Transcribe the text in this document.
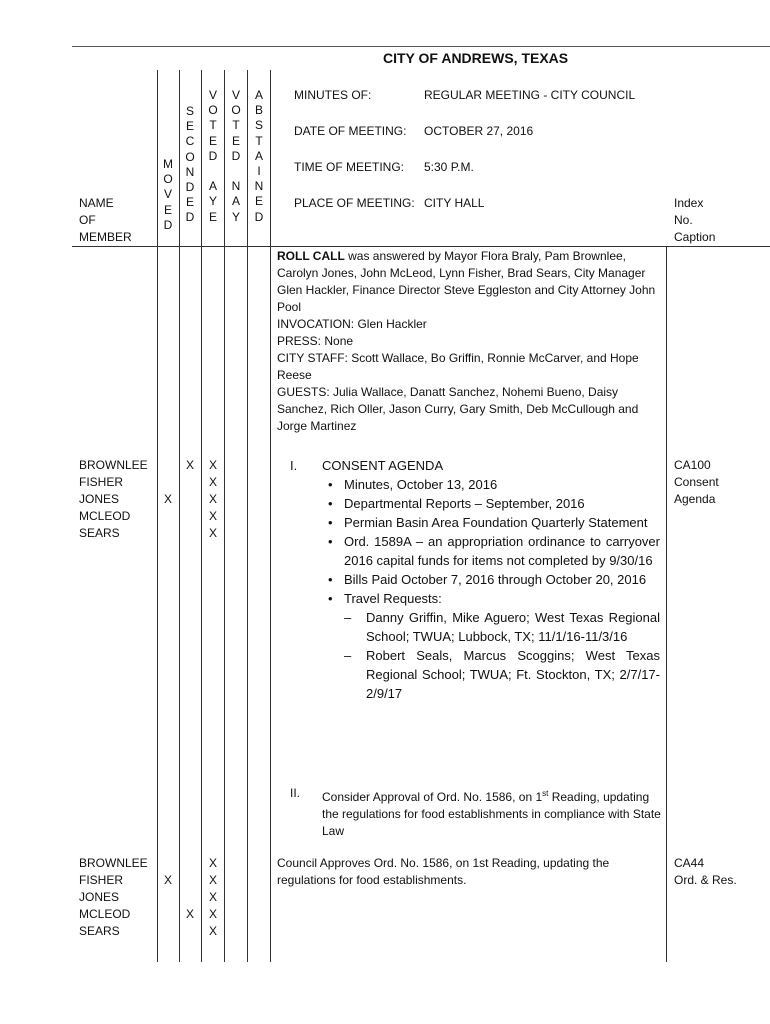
CITY OF ANDREWS, TEXAS
NAME
OF
MEMBER
M
O
V
E
D
S
E
C
O
N
D
E
D
V
O
T
E
D
A
Y
E
V
O
T
E
D
N
A
Y
A
B
S
T
A
I
N
E
D
MINUTES OF:	REGULAR MEETING - CITY COUNCIL
DATE OF MEETING: OCTOBER 27, 2016
TIME OF MEETING: 5:30 P.M.
PLACE OF MEETING: CITY HALL	Index
No.
Caption

ROLL CALL was answered by Mayor Flora Braly, Pam Brownlee, Carolyn Jones, John McLeod, Lynn Fisher, Brad Sears, City Manager Glen Hackler, Finance Director Steve Eggleston and City Attorney John Pool

INVOCATION: Glen Hackler

PRESS: None

CITY STAFF: Scott Wallace, Bo Griffin, Ronnie McCarver, and Hope Reese

GUESTS: Julia Wallace, Danatt Sanchez, Nohemi Bueno, Daisy Sanchez, Rich Oller, Jason Curry, Gary Smith, Deb McCullough and Jorge Martinez

BROWNLEE
FISHER
JONES
MCLEOD
SEARS
X
X X
X
X
X
X
I. CONSENT AGENDA
• Minutes, October 13, 2016
• Departmental Reports – September, 2016
• Permian Basin Area Foundation Quarterly Statement
• Ord. 1589A – an appropriation ordinance to carryover 2016 capital funds for items not completed by 9/30/16
• Bills Paid October 7, 2016 through October 20, 2016
• Travel Requests:
– Danny Griffin, Mike Aguero; West Texas Regional School; TWUA; Lubbock, TX; 11/1/16-11/3/16
– Robert Seals, Marcus Scoggins; West Texas Regional School; TWUA; Ft. Stockton, TX; 2/7/17-2/9/17
CA100
Consent
Agenda
II. Consider Approval of Ord. No. 1586, on 1st Reading, updating the regulations for food establishments in compliance with State Law
BROWNLEE
FISHER
JONES
MCLEOD
SEARS
X
X
X
X
X
X
X
Council Approves Ord. No. 1586, on 1st Reading, updating the regulations for food establishments.
CA44
Ord. & Res.
